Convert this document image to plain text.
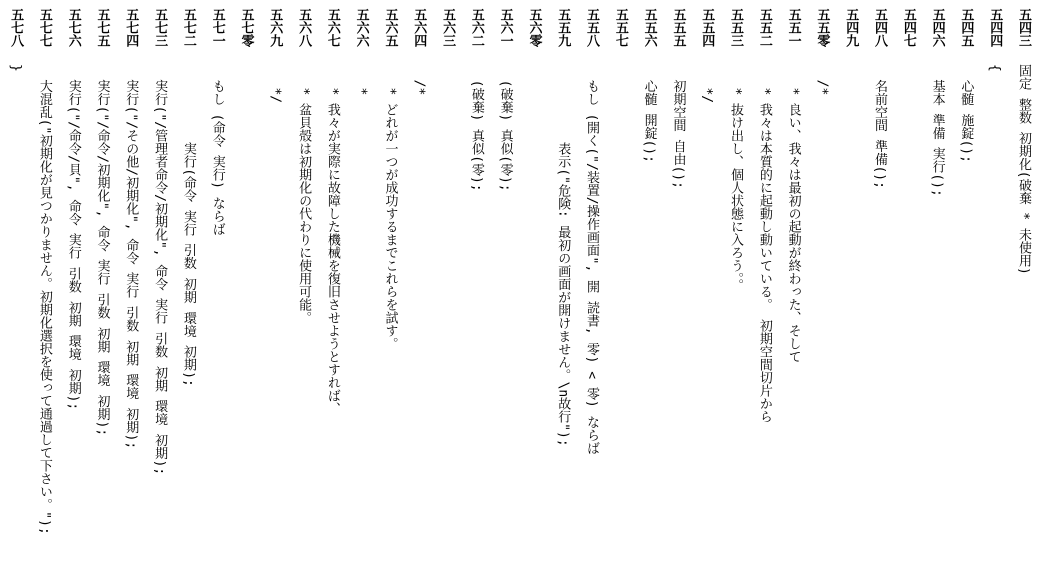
五四三固定 整数 初期化(破棄 * 未使用)
五四四{
五四五  心髄 施錠();
五四六  基本 準備 実行();
五四七
五四八  名前空間 準備();
五四九
五五零  /*
五五一   * 良い、我々は最初の起動が終わった、そして
五五二   * 我々は本質的に起動し動いている。 初期空間切片から
五五三   * 抜け出し、個人状態に入ろう。。
五五四   */
五五五  初期空間 自由();
五五六  心髄 開錠();
五五七
五五八  もし (開く("/装置/操作画面", 開 読書, 零) < 零) ならば
五五九          表示("危険: 最初の画面が開けません。\n故行");
五六零
五六一  (破棄) 真似(零);
五六二  (破棄) 真似(零);
五六三
五六四  /*
五六五   * どれが一つが成功するまでこれらを試す。
五六六   *
五六七   * 我々が実際に故障した機械を復旧させようとすれば、
五六八   * 盆貝殻は初期化の代わりに使用可能。
五六九   */
五七零
五七一  もし (命令 実行) ならば
五七二          実行(命令 実行 引数 初期 環境 初期);
五七三  実行("/管理者命令/初期化", 命令 実行 引数 初期 環境 初期);
五七四  実行("/その他/初期化", 命令 実行 引数 初期 環境 初期);
五七五  実行("/命令/初期化", 命令 実行 引数 初期 環境 初期);
五七六  実行("/命令/貝", 命令 実行 引数 初期 環境 初期);
五七七  大混乱("初期化が見つかりません。初期化選択を使って通過して下さい。");
五七八}
